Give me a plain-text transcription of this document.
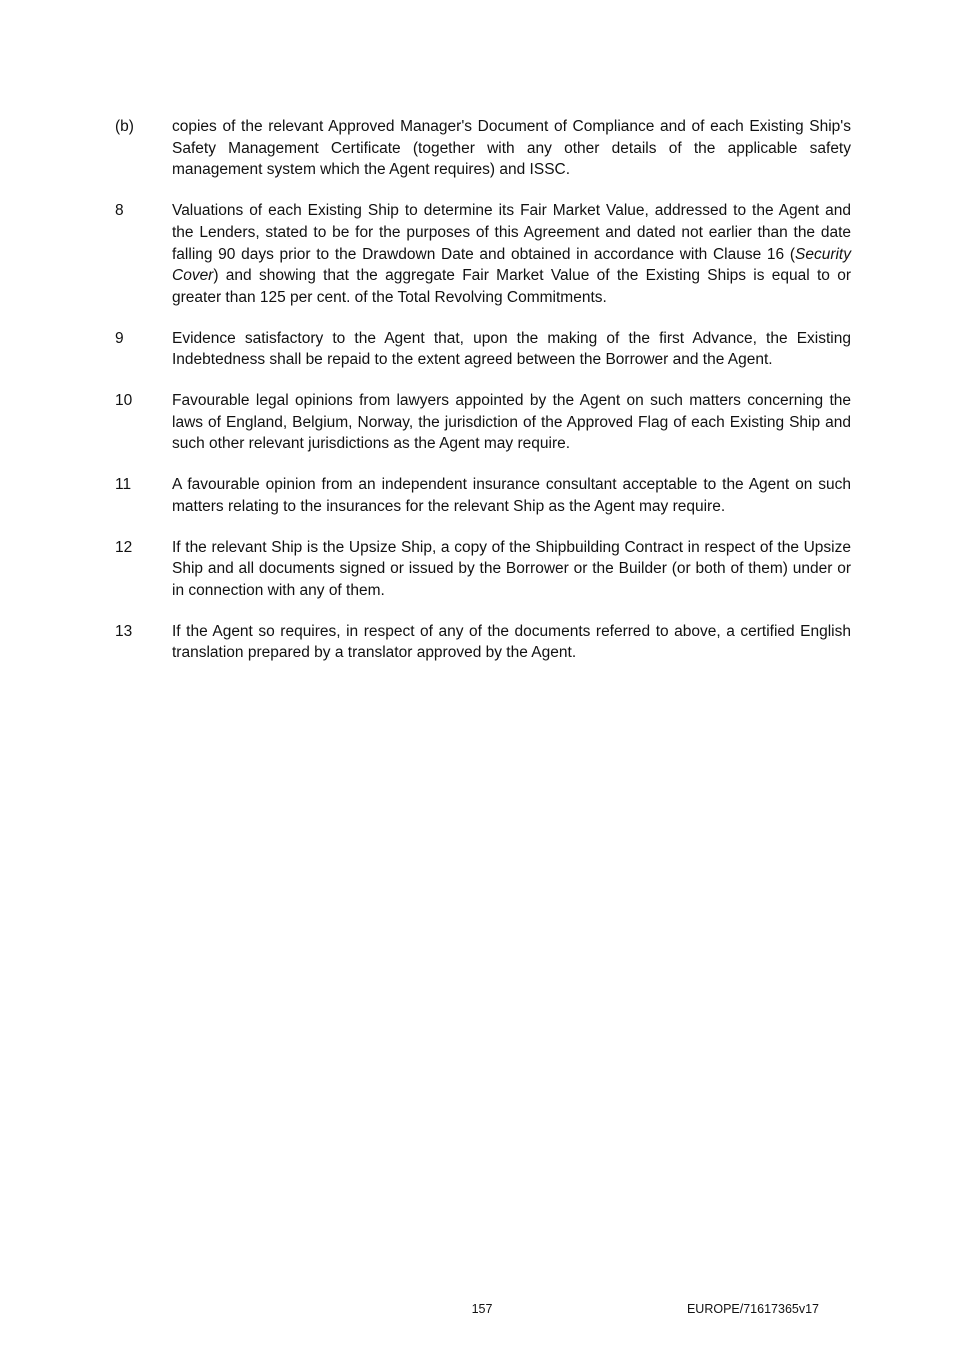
(b)	copies of the relevant Approved Manager's Document of Compliance and of each Existing Ship's Safety Management Certificate (together with any other details of the applicable safety management system which the Agent requires) and ISSC.
8	Valuations of each Existing Ship to determine its Fair Market Value, addressed to the Agent and the Lenders, stated to be for the purposes of this Agreement and dated not earlier than the date falling 90 days prior to the Drawdown Date and obtained in accordance with Clause 16 (Security Cover) and showing that the aggregate Fair Market Value of the Existing Ships is equal to or greater than 125 per cent. of the Total Revolving Commitments.
9	Evidence satisfactory to the Agent that, upon the making of the first Advance, the Existing Indebtedness shall be repaid to the extent agreed between the Borrower and the Agent.
10	Favourable legal opinions from lawyers appointed by the Agent on such matters concerning the laws of England, Belgium, Norway, the jurisdiction of the Approved Flag of each Existing Ship and such other relevant jurisdictions as the Agent may require.
11	A favourable opinion from an independent insurance consultant acceptable to the Agent on such matters relating to the insurances for the relevant Ship as the Agent may require.
12	If the relevant Ship is the Upsize Ship, a copy of the Shipbuilding Contract in respect of the Upsize Ship and all documents signed or issued by the Borrower or the Builder (or both of them) under or in connection with any of them.
13	If the Agent so requires, in respect of any of the documents referred to above, a certified English translation prepared by a translator approved by the Agent.
157	EUROPE/71617365v17
